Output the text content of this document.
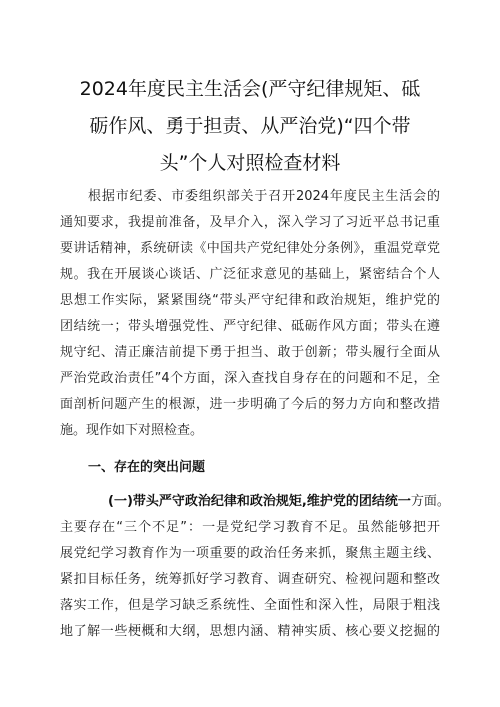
2024年度民主生活会(严守纪律规矩、砥
砺作风、勇于担责、从严治党)“四个带
头”个人对照检查材料

根据市纪委、市委组织部关于召开2024年度民主生活会的

通知要求，我提前准备，及早介入，深入学习了习近平总书记重

要讲话精神，系统研读《中国共产党纪律处分条例》，重温党章党

规。我在开展谈心谈话、广泛征求意见的基础上，紧密结合个人

思想工作实际，紧紧围绕“带头严守纪律和政治规矩，维护党的

团结统一；带头增强党性、严守纪律、砥砺作风方面；带头在遵

规守纪、清正廉洁前提下勇于担当、敢于创新；带头履行全面从

严治党政治责任”4个方面，深入查找自身存在的问题和不足，全

面剖析问题产生的根源，进一步明确了今后的努力方向和整改措

施。现作如下对照检查。

一、存在的突出问题

(一)带头严守政治纪律和政治规矩,维护党的团结统一方面。

主要存在“三个不足”：一是党纪学习教育不足。虽然能够把开

展党纪学习教育作为一项重要的政治任务来抓，聚焦主题主线、

紧扣目标任务，统筹抓好学习教育、调查研究、检视问题和整改

落实工作，但是学习缺乏系统性、全面性和深入性，局限于粗浅

地了解一些梗概和大纲，思想内涵、精神实质、核心要义挖掘的
